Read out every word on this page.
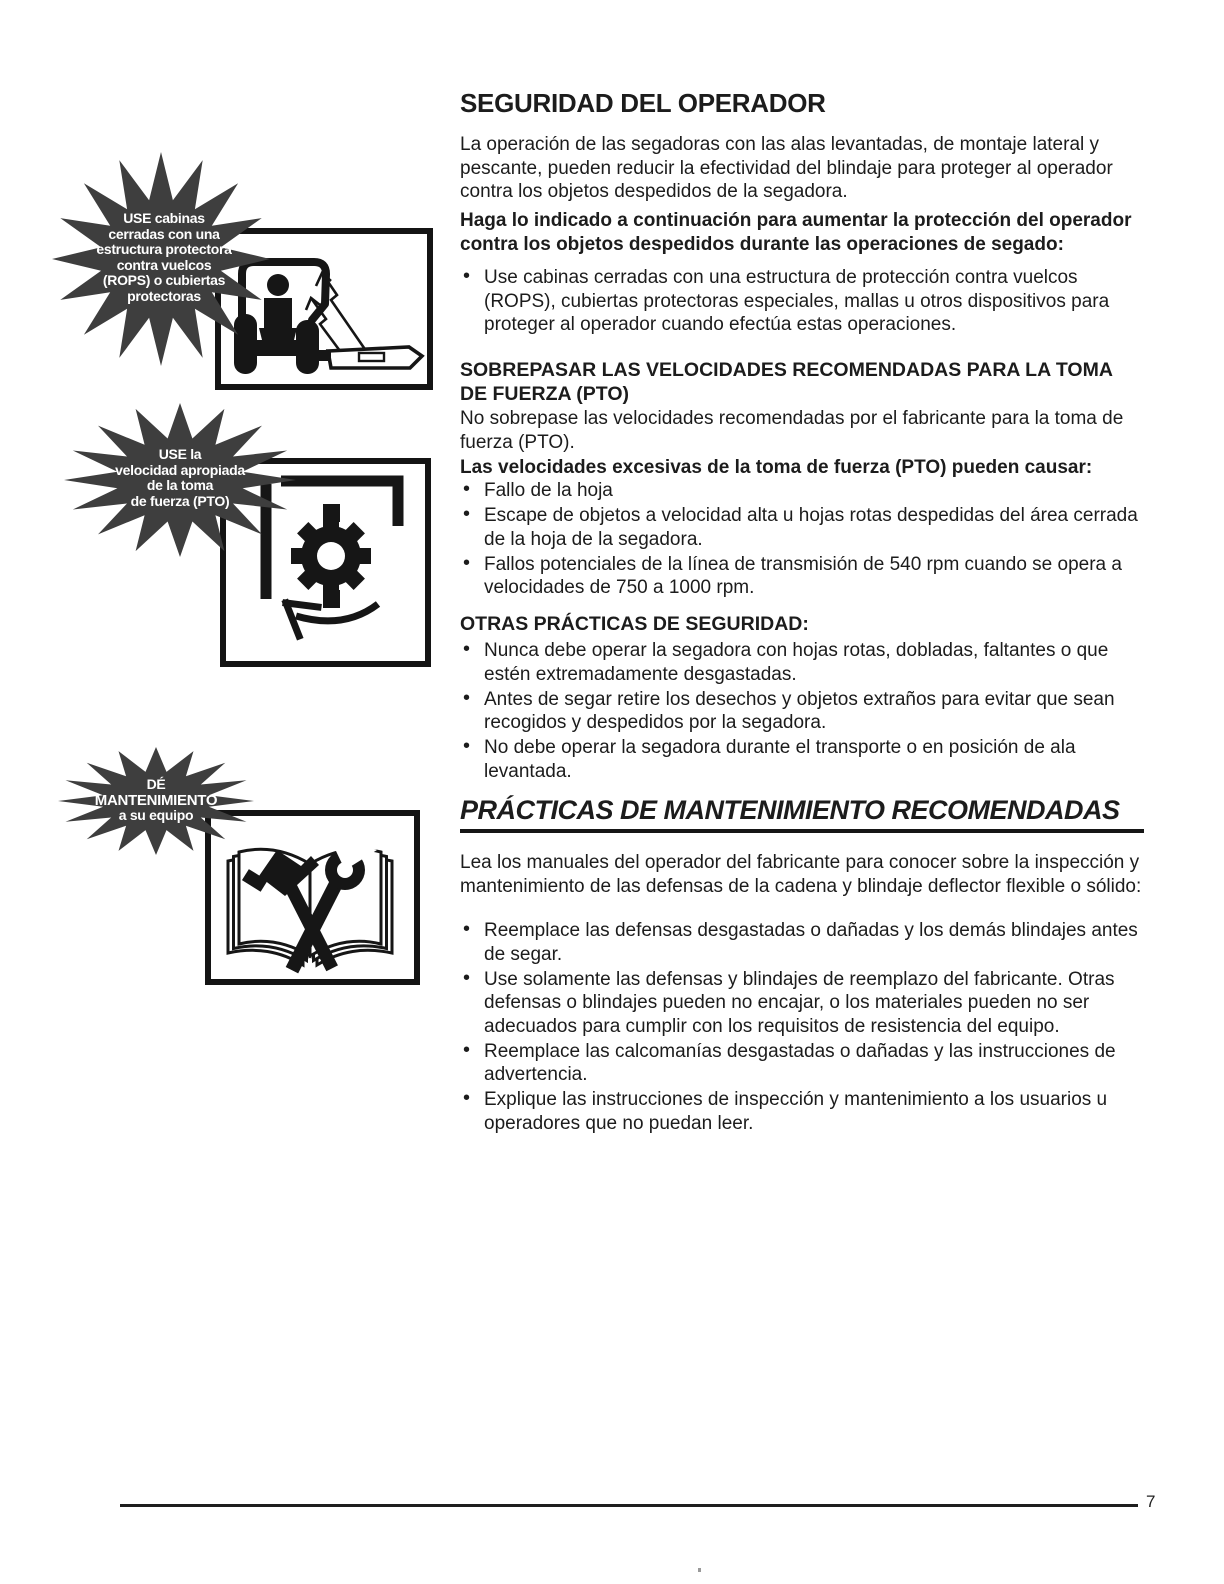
USE cabinas
cerradas con una
estructura protectora
contra vuelcos
(ROPS) o cubiertas
protectoras
USE la
velocidad apropiada
de la toma
de fuerza (PTO)
DÉ
MANTENIMIENTO
a su equipo
SEGURIDAD DEL OPERADOR

La operación de las segadoras con las alas levantadas, de montaje lateral y pescante, pueden reducir la efectividad del blindaje para proteger al operador contra los objetos despedidos de la segadora.

Haga lo indicado a continuación para aumentar la protección del operador contra los objetos despedidos durante las operaciones de segado:

• Use cabinas cerradas con una estructura de protección contra vuelcos (ROPS), cubiertas protectoras especiales, mallas u otros dispositivos para proteger al operador cuando efectúa estas operaciones.
SOBREPASAR LAS VELOCIDADES RECOMENDADAS PARA LA TOMA DE FUERZA (PTO)

No sobrepase las velocidades recomendadas por el fabricante para la toma de fuerza (PTO).

Las velocidades excesivas de la toma de fuerza (PTO) pueden causar:

• Fallo de la hoja
• Escape de objetos a velocidad alta u hojas rotas despedidas del área cerrada de la hoja de la segadora.
• Fallos potenciales de la línea de transmisión de 540 rpm cuando se opera a velocidades de 750 a 1000 rpm.
OTRAS PRÁCTICAS DE SEGURIDAD:
• Nunca debe operar la segadora con hojas rotas, dobladas, faltantes o que estén extremadamente desgastadas.
• Antes de segar retire los desechos y objetos extraños para evitar que sean recogidos y despedidos por la segadora.
• No debe operar la segadora durante el transporte o en posición de ala levantada.
PRÁCTICAS DE MANTENIMIENTO RECOMENDADAS

Lea los manuales del operador del fabricante para conocer sobre la inspección y mantenimiento de las defensas de la cadena y blindaje deflector flexible o sólido:

• Reemplace las defensas desgastadas o dañadas y los demás blindajes antes de segar.
• Use solamente las defensas y blindajes de reemplazo del fabricante. Otras defensas o blindajes pueden no encajar, o los materiales pueden no ser adecuados para cumplir con los requisitos de resistencia del equipo.
• Reemplace las calcomanías desgastadas o dañadas y las instrucciones de advertencia.
• Explique las instrucciones de inspección y mantenimiento a los usuarios u operadores que no puedan leer.
7
